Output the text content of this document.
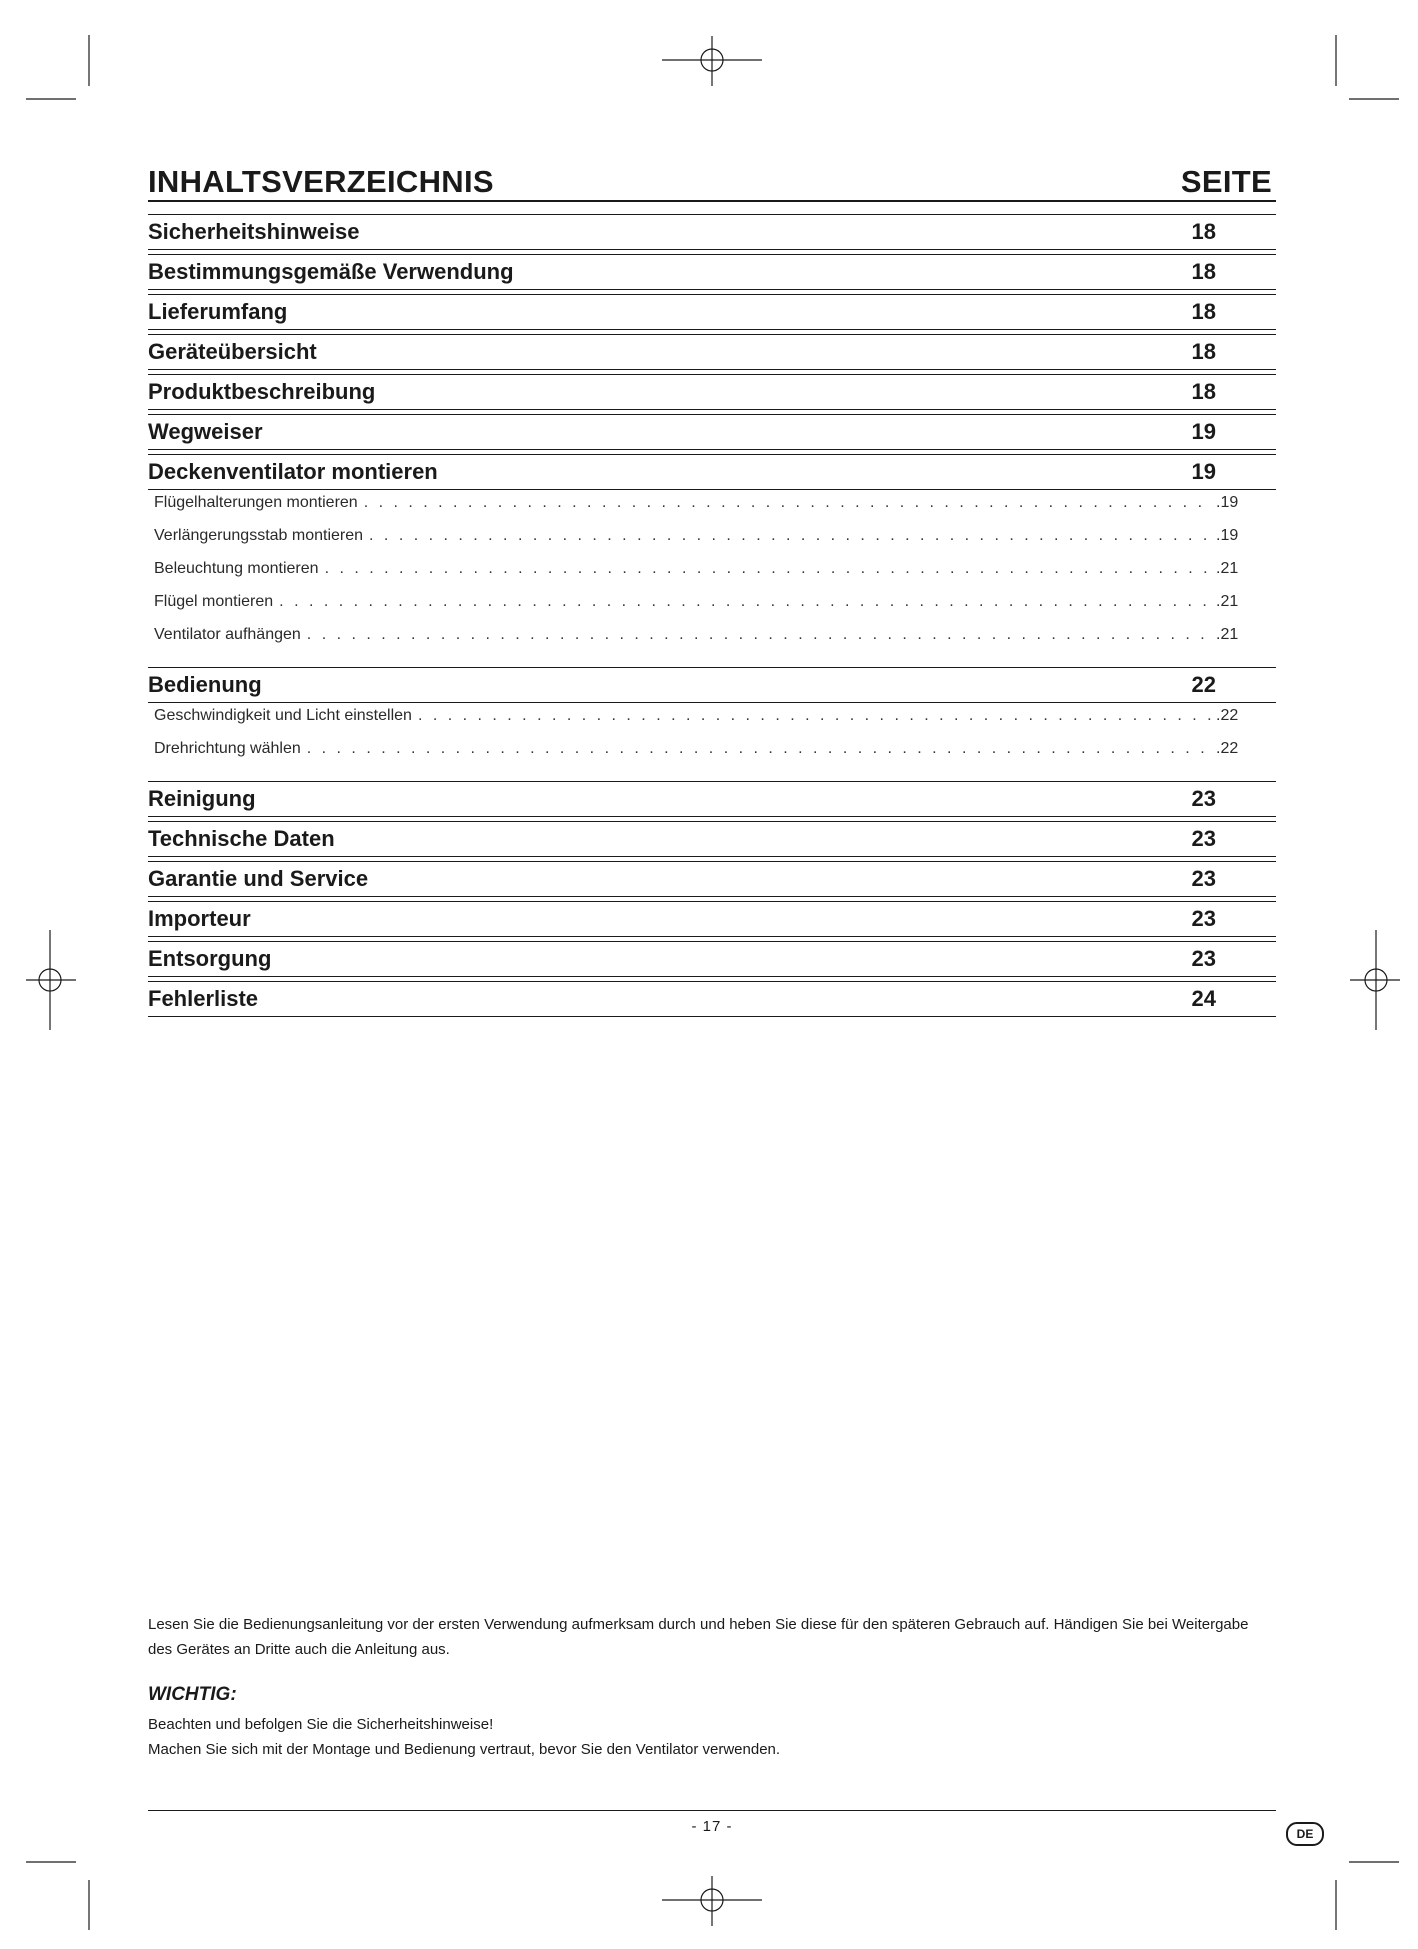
INHALTSVERZEICHNIS	SEITE
Sicherheitshinweise	18
Bestimmungsgemäße Verwendung	18
Lieferumfang	18
Geräteübersicht	18
Produktbeschreibung	18
Wegweiser	19
Deckenventilator montieren	19
Flügelhalterungen montieren . . .	.19
Verlängerungsstab montieren . . .	.19
Beleuchtung montieren . . .	.21
Flügel montieren . . .	.21
Ventilator aufhängen . . .	.21
Bedienung	22
Geschwindigkeit und Licht einstellen . . .	.22
Drehrichtung wählen . . .	.22
Reinigung	23
Technische Daten	23
Garantie und Service	23
Importeur	23
Entsorgung	23
Fehlerliste	24
Lesen Sie die Bedienungsanleitung vor der ersten Verwendung aufmerksam durch und heben Sie diese für den späteren Gebrauch auf. Händigen Sie bei Weitergabe des Gerätes an Dritte auch die Anleitung aus.
WICHTIG:
Beachten und befolgen Sie die Sicherheitshinweise!
Machen Sie sich mit der Montage und Bedienung vertraut, bevor Sie den Ventilator verwenden.
- 17 -	DE
